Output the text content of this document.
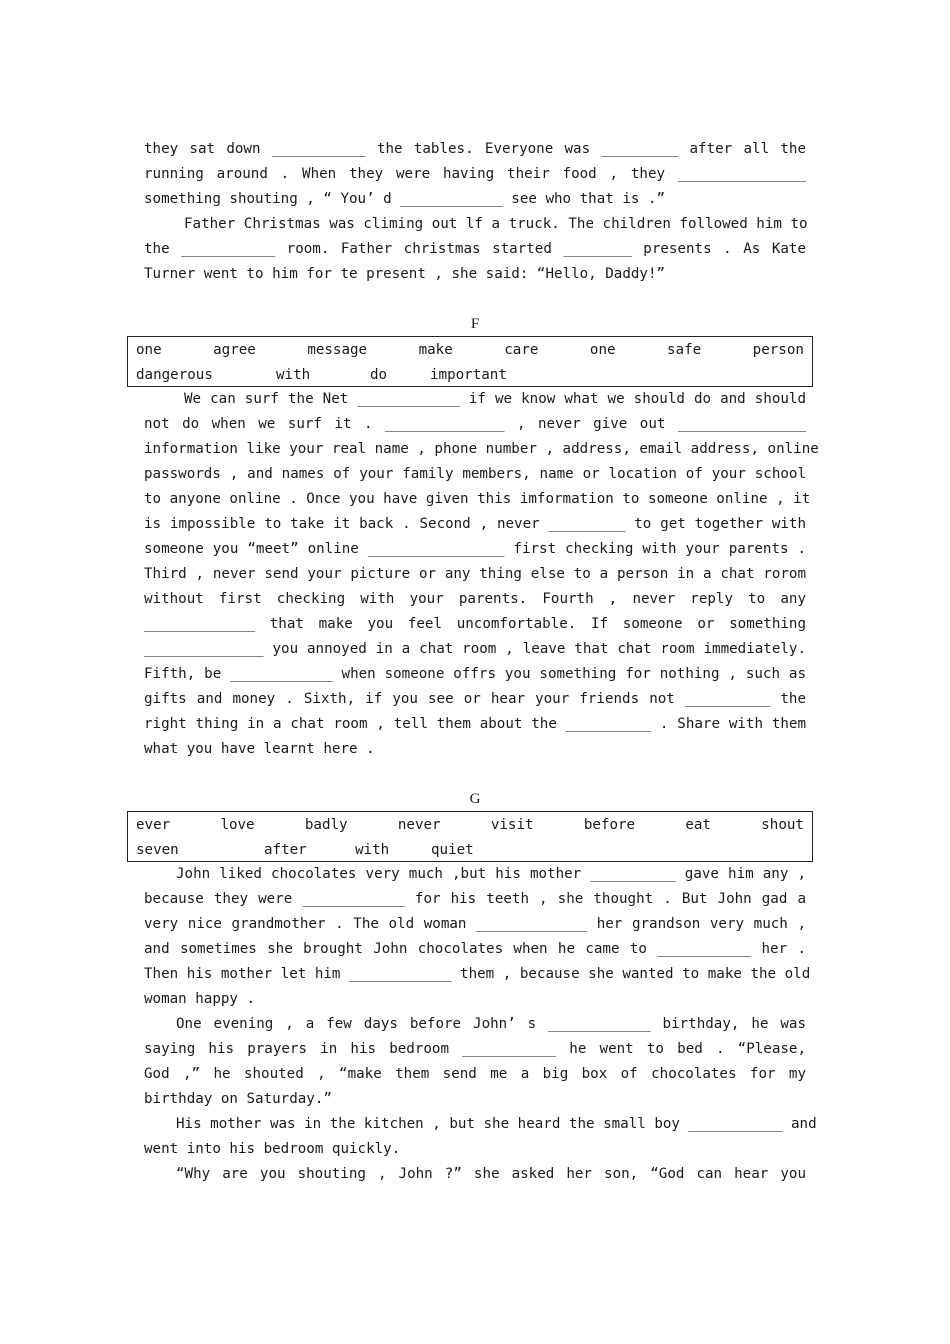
they sat down ___________ the tables. Everyone was _________ after all the
running around . When they were having their food , they _______________
something shouting , “ You’ d ____________ see who that is .”
Father Christmas was climing out lf a truck. The children followed him to
the ___________ room. Father christmas started ________ presents . As Kate
Turner went to him for te present , she said: “Hello, Daddy!”
F
one	agree	message	make	care	one	safe	person
dangerous	with	do	important
We can surf the Net ____________ if we know what we should do and should
not do when we surf it . ______________ , never give out _______________
information like your real name , phone number , address, email address, online
passwords , and names of your family members, name or location of your school
to anyone online . Once you have given this imformation to someone online , it
is impossible to take it back . Second , never _________ to get together with
someone you “meet” online ________________ first checking with your parents .
Third , never send your picture or any thing else to a person in a chat rorom
without first checking with your parents. Fourth , never reply to any
_____________ that make you feel uncomfortable. If someone or something
______________ you annoyed in a chat room , leave that chat room immediately.
Fifth, be ____________ when someone offrs you something for nothing , such as
gifts and money . Sixth, if you see or hear your friends not __________ the
right thing in a chat room , tell them about the __________ . Share with them
what you have learnt here .
G
ever	love	badly	never	visit	before	eat	shout
seven	after	with	quiet
John liked chocolates very much ,but his mother __________ gave him any ,
because they were ____________ for his teeth , she thought . But John gad a
very nice grandmother . The old woman _____________ her grandson very much ,
and sometimes she brought John chocolates when he came to ___________ her .
Then his mother let him ____________ them , because she wanted to make the old
woman happy .
One evening , a few days before John’ s ____________ birthday, he was
saying his prayers in his bedroom ___________ he went to bed . “Please,
God ,” he shouted , “make them send me a big box of chocolates for my
birthday on Saturday.”
His mother was in the kitchen , but she heard the small boy ___________ and
went into his bedroom quickly.
“Why are you shouting , John ?” she asked her son, “God can hear you
